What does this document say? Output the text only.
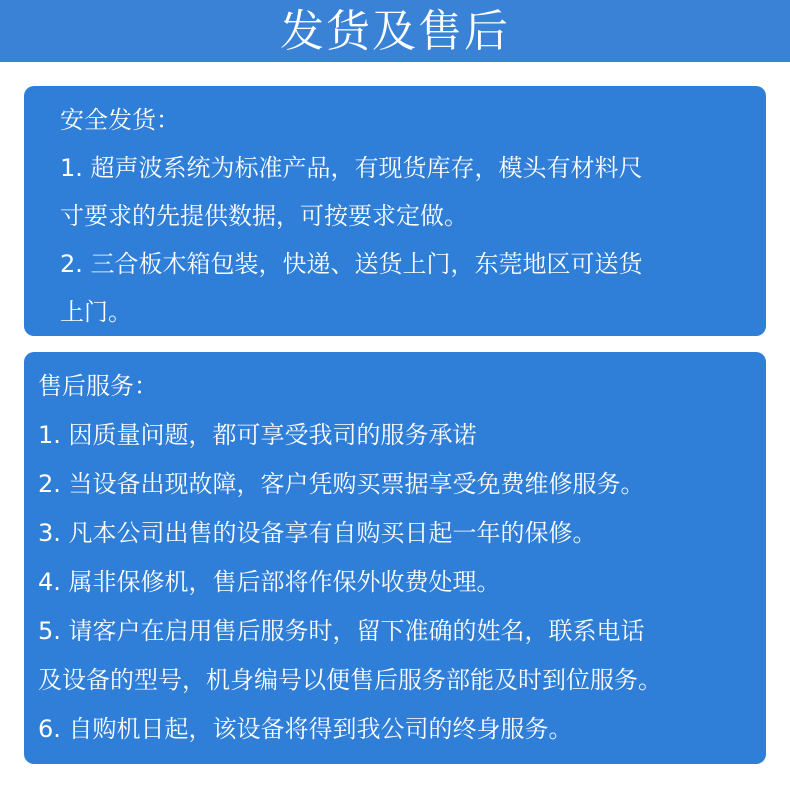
发货及售后
安全发货：
1. 超声波系统为标准产品，有现货库存，模头有材料尺
寸要求的先提供数据，可按要求定做。
2. 三合板木箱包装，快递、送货上门，东莞地区可送货
上门。
售后服务：
1. 因质量问题，都可享受我司的服务承诺
2. 当设备出现故障，客户凭购买票据享受免费维修服务。
3. 凡本公司出售的设备享有自购买日起一年的保修。
4. 属非保修机，售后部将作保外收费处理。
5. 请客户在启用售后服务时，留下准确的姓名，联系电话
及设备的型号，机身编号以便售后服务部能及时到位服务。
6. 自购机日起，该设备将得到我公司的终身服务。
